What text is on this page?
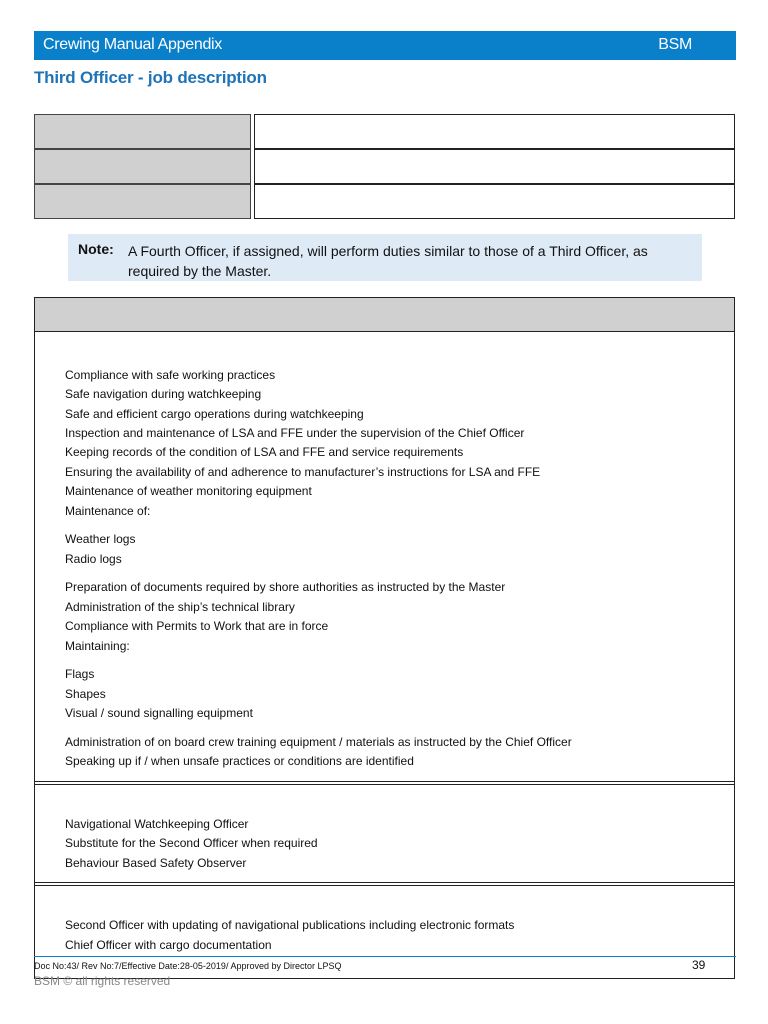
Crewing Manual Appendix	BSM
Third Officer - job description
Note: A Fourth Officer, if assigned, will perform duties similar to those of a Third Officer, as required by the Master.
Compliance with safe working practices
Safe navigation during watchkeeping
Safe and efficient cargo operations during watchkeeping
Inspection and maintenance of LSA and FFE under the supervision of the Chief Officer
Keeping records of the condition of LSA and FFE and service requirements
Ensuring the availability of and adherence to manufacturer’s instructions for LSA and FFE
Maintenance of weather monitoring equipment
Maintenance of:
Weather logs
Radio logs
Preparation of documents required by shore authorities as instructed by the Master
Administration of the ship’s technical library
Compliance with Permits to Work that are in force
Maintaining:
Flags
Shapes
Visual / sound signalling equipment
Administration of on board crew training equipment / materials as instructed by the Chief Officer
Speaking up if / when unsafe practices or conditions are identified
Navigational Watchkeeping Officer
Substitute for the Second Officer when required
Behaviour Based Safety Observer
Second Officer with updating of navigational publications including electronic formats
Chief Officer with cargo documentation
Doc No:43/ Rev No:7/Effective Date:28-05-2019/ Approved by Director LPSQ	39
BSM © all rights reserved
